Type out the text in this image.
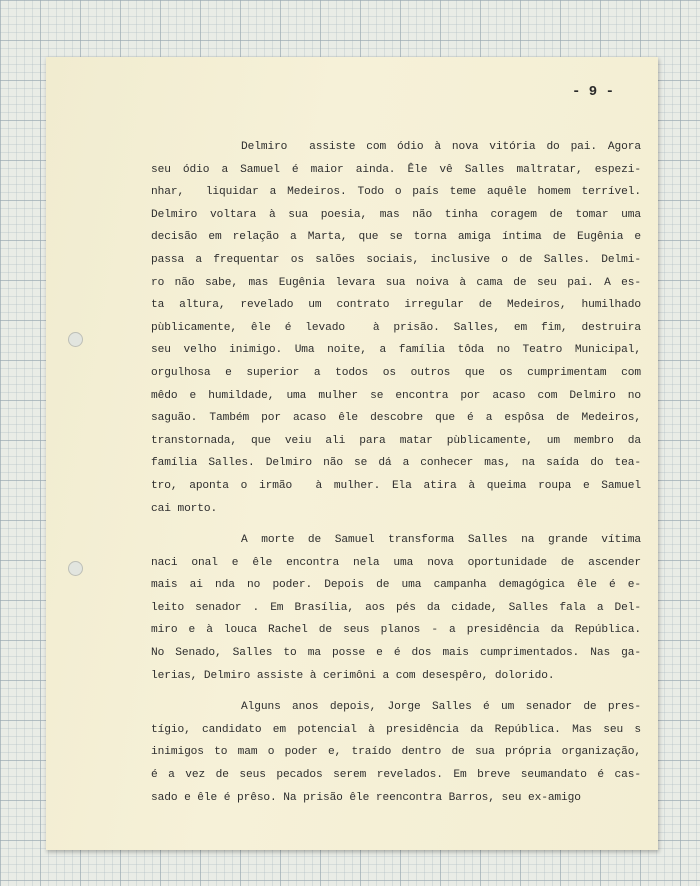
- 9 -

Delmiro  assiste com ódio à nova vitória do pai. Agora
seu ódio a Samuel é maior ainda. Êle vê Salles maltratar, espezi-
nhar,  liquidar a Medeiros. Todo o país teme aquêle homem terrível.
Delmiro voltara à sua poesia, mas não tinha coragem de tomar uma
decisão em relação a Marta, que se torna amiga íntima de Eugênia e
passa a frequentar os salões sociais, inclusive o de Salles. Delmi-
ro não sabe, mas Eugênia levara sua noiva à cama de seu pai. A es-
ta altura, revelado um contrato irregular de Medeiros, humilhado
pùblicamente, êle é levado  à prisão. Salles, em fim, destruira
seu velho inimigo. Uma noite, a família tôda no Teatro Municipal,
orgulhosa e superior a todos os outros que os cumprimentam com
mêdo e humildade, uma mulher se encontra por acaso com Delmiro no
saguão. Também por acaso êle descobre que é a espôsa de Medeiros,
transtornada, que veiu ali para matar pùblicamente, um membro da
família Salles. Delmiro não se dá a conhecer mas, na saída do tea-
tro, aponta o irmão  à mulher. Ela atira à queima roupa e Samuel
cai morto.
A morte de Samuel transforma Salles na grande vítima
naci onal e êle encontra nela uma nova oportunidade de ascender
mais ai nda no poder. Depois de uma campanha demagógica êle é e-
leito senador . Em Brasília, aos pés da cidade, Salles fala a Del-
miro e à louca Rachel de seus planos - a presidência da República.
No Senado, Salles to ma posse e é dos mais cumprimentados. Nas ga-
lerias, Delmiro assiste à cerimôni a com desespêro, dolorido.
Alguns anos depois, Jorge Salles é um senador de pres-
tígio, candidato em potencial à presidência da República. Mas seu s
inimigos to mam o poder e, traído dentro de sua própria organização,
é a vez de seus pecados serem revelados. Em breve seumandato é cas-
sado e êle é prêso. Na prisão êle reencontra Barros, seu ex-amigo
